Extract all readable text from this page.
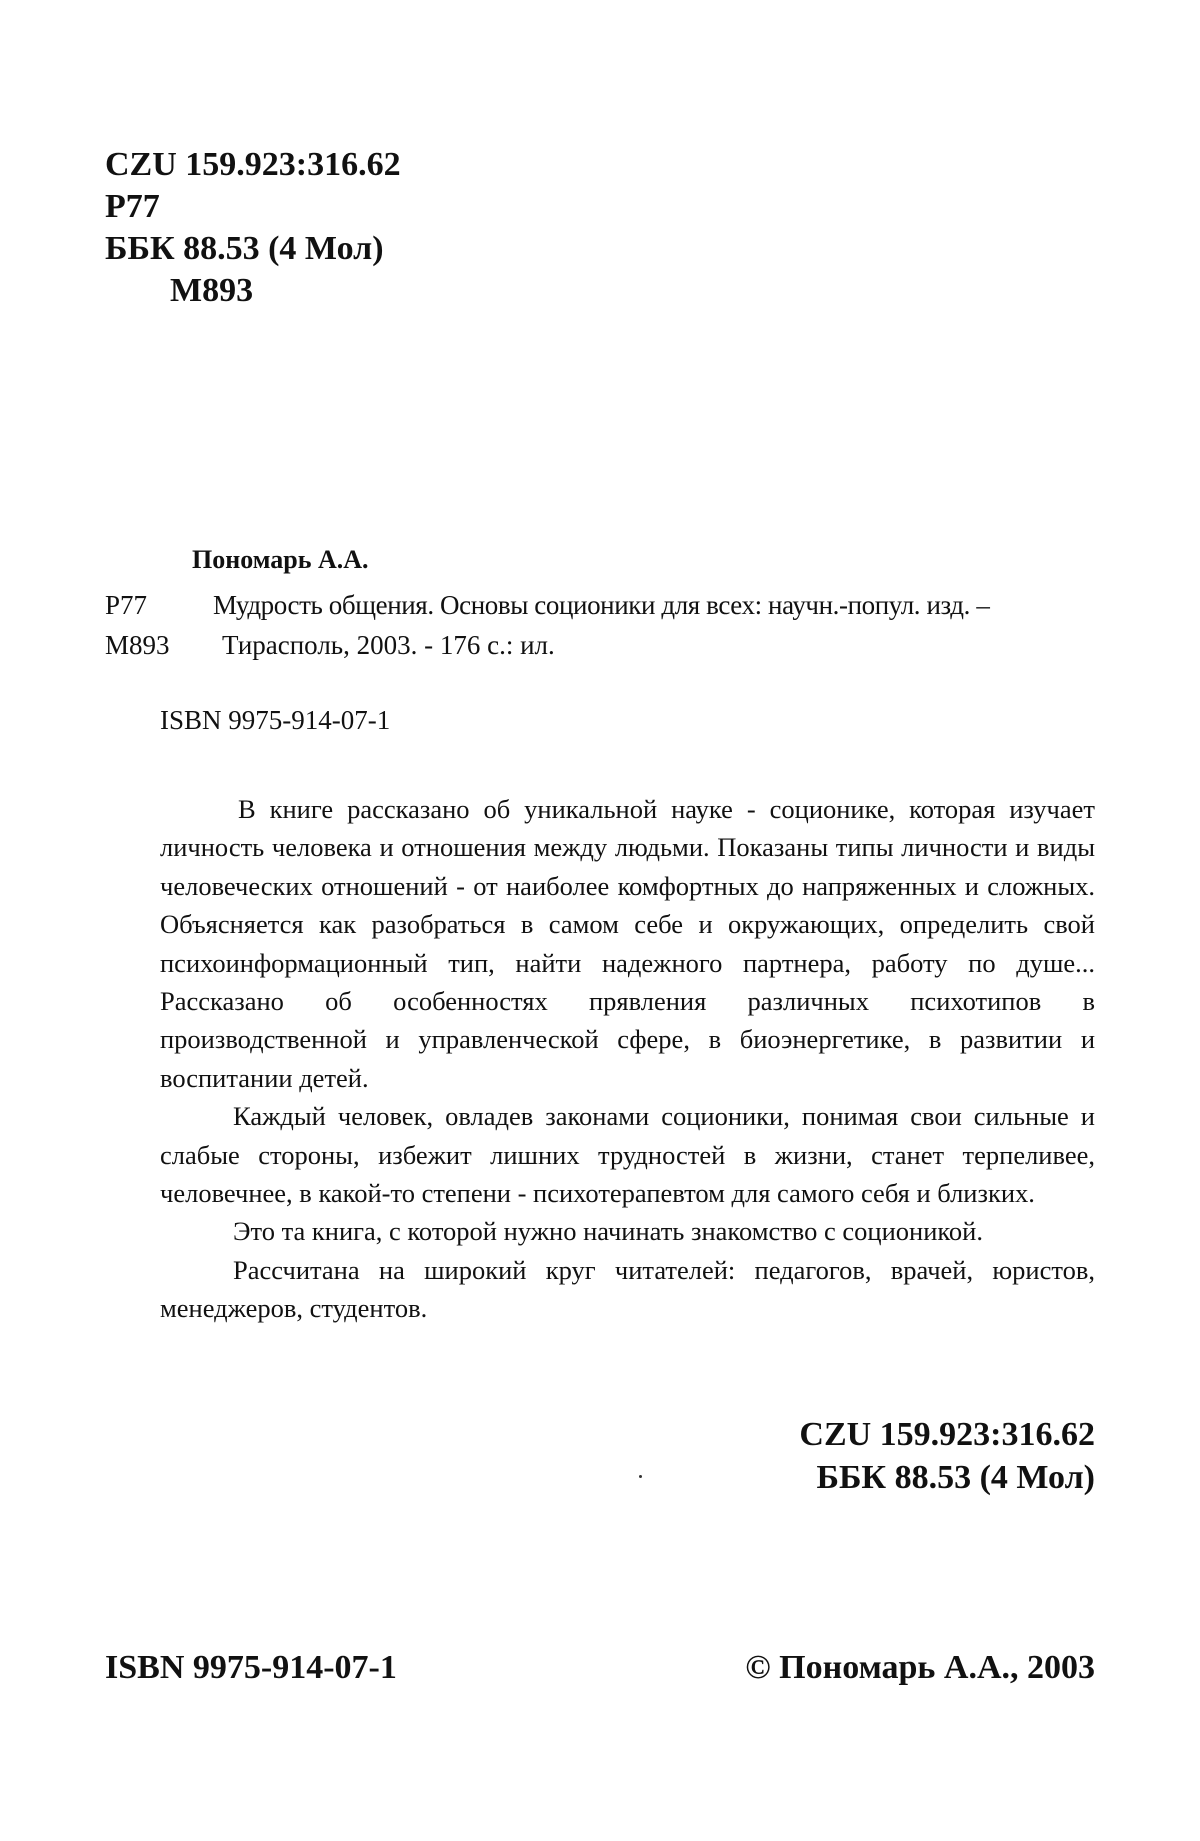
CZU 159.923:316.62
P77
ББК 88.53 (4 Мол)
M893
Пономарь А.А.
P77 Мудрость общения. Основы соционики для всех: научн.-попул. изд. –
M893 Тирасполь, 2003. - 176 с.: ил.
ISBN 9975-914-07-1

В книге рассказано об уникальной науке - соционике, которая изучает личность человека и отношения между людьми. Показаны типы личности и виды человеческих отношений - от наиболее комфортных до напряженных и сложных. Объясняется как разобраться в самом себе и окружающих, определить свой психоинформационный тип, найти надежного партнера, работу по душе... Рассказано об особенностях прявления различных психотипов в производственной и управленческой сфере, в биоэнергетике, в развитии и воспитании детей.

Каждый человек, овладев законами соционики, понимая свои сильные и слабые стороны, избежит лишних трудностей в жизни, станет терпеливее, человечнее, в какой-то степени - психотерапевтом для самого себя и близких.

Это та книга, с которой нужно начинать знакомство с соционикой.

Рассчитана на широкий круг читателей: педагогов, врачей, юристов, менеджеров, студентов.

CZU 159.923:316.62
ББК 88.53 (4 Мол)
ISBN 9975-914-07-1	© Пономарь А.А., 2003
